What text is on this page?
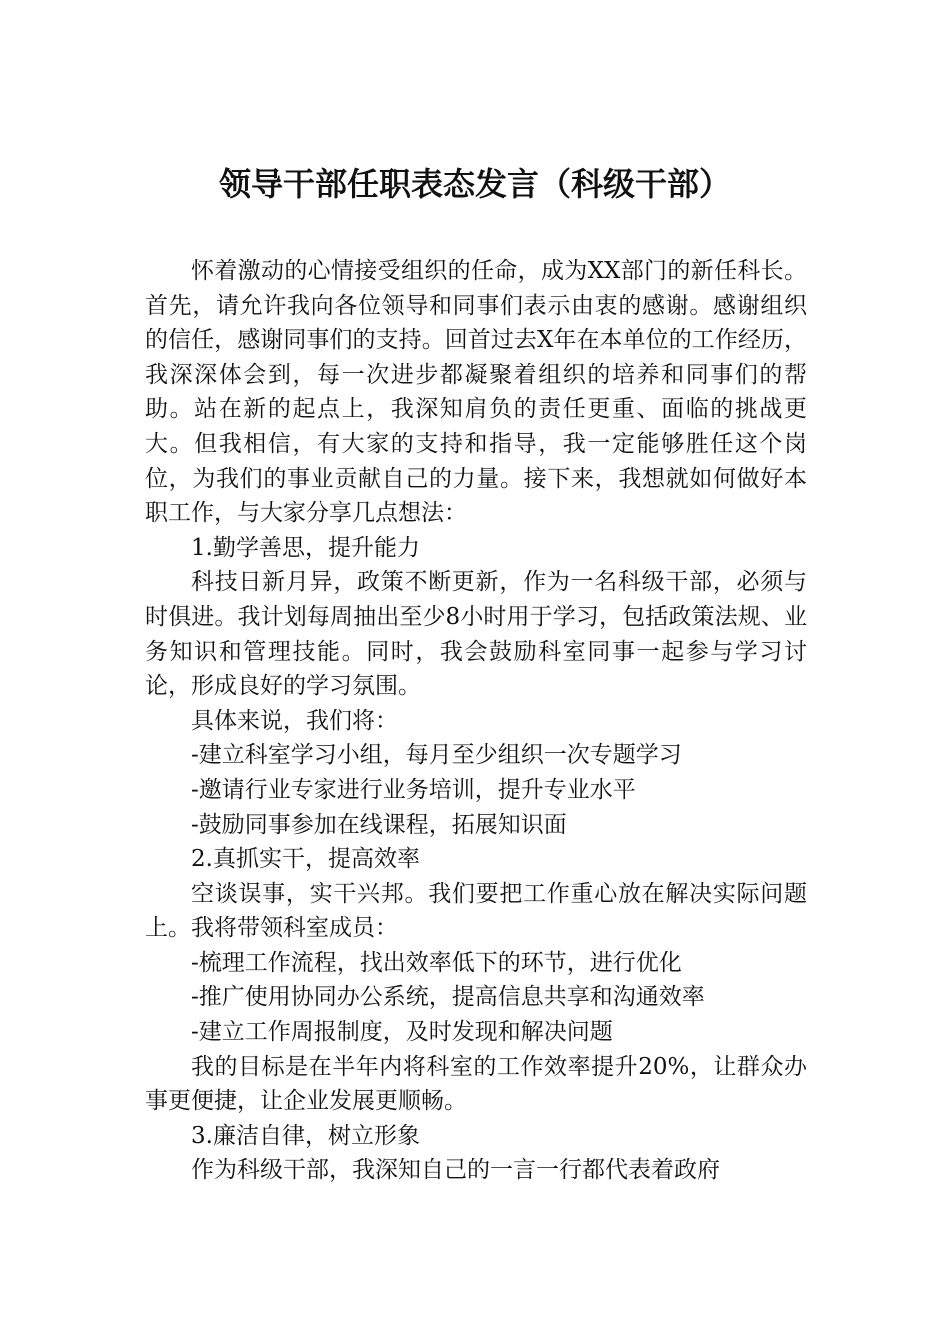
领导干部任职表态发言（科级干部）

怀着激动的心情接受组织的任命，成为XX部门的新任科长。首先，请允许我向各位领导和同事们表示由衷的感谢。感谢组织的信任，感谢同事们的支持。回首过去X年在本单位的工作经历，我深深体会到，每一次进步都凝聚着组织的培养和同事们的帮助。站在新的起点上，我深知肩负的责任更重、面临的挑战更大。但我相信，有大家的支持和指导，我一定能够胜任这个岗位，为我们的事业贡献自己的力量。接下来，我想就如何做好本职工作，与大家分享几点想法：

1.勤学善思，提升能力

科技日新月异，政策不断更新，作为一名科级干部，必须与时俱进。我计划每周抽出至少8小时用于学习，包括政策法规、业务知识和管理技能。同时，我会鼓励科室同事一起参与学习讨论，形成良好的学习氛围。

具体来说，我们将：

-建立科室学习小组，每月至少组织一次专题学习

-邀请行业专家进行业务培训，提升专业水平

-鼓励同事参加在线课程，拓展知识面

2.真抓实干，提高效率

空谈误事，实干兴邦。我们要把工作重心放在解决实际问题上。我将带领科室成员：

-梳理工作流程，找出效率低下的环节，进行优化

-推广使用协同办公系统，提高信息共享和沟通效率

-建立工作周报制度，及时发现和解决问题

我的目标是在半年内将科室的工作效率提升20%，让群众办事更便捷，让企业发展更顺畅。

3.廉洁自律，树立形象

作为科级干部，我深知自己的一言一行都代表着政府
